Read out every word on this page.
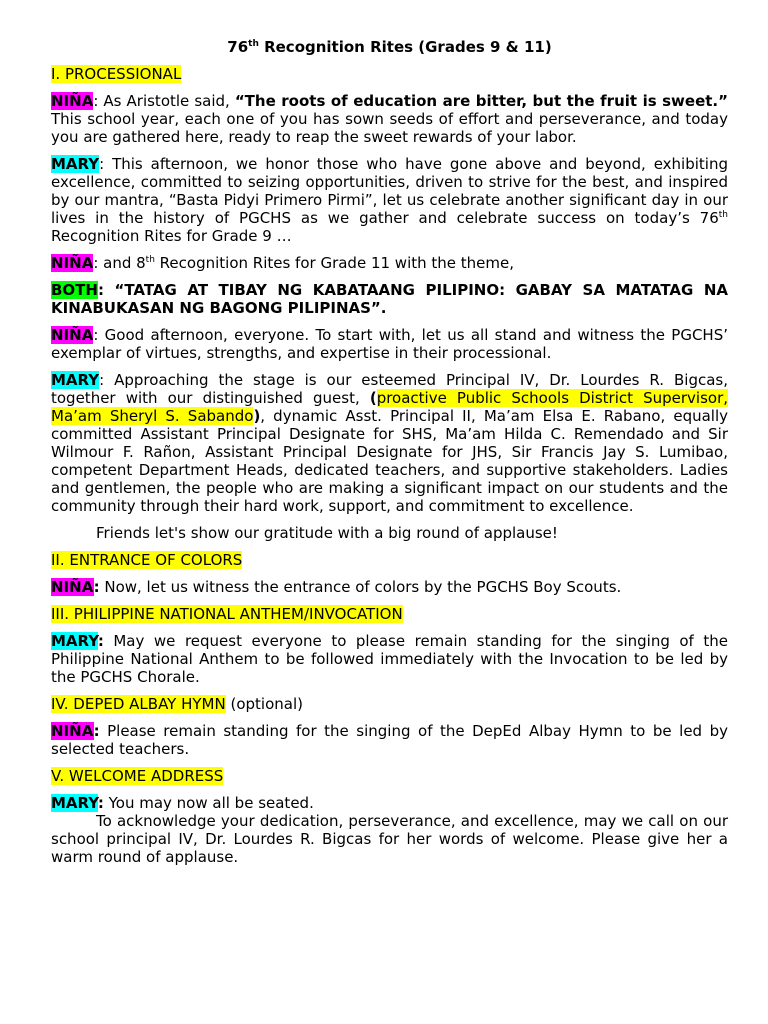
76th Recognition Rites (Grades 9 & 11)
I. PROCESSIONAL
NIÑA: As Aristotle said, “The roots of education are bitter, but the fruit is sweet.” This school year, each one of you has sown seeds of effort and perseverance, and today you are gathered here, ready to reap the sweet rewards of your labor.
MARY: This afternoon, we honor those who have gone above and beyond, exhibiting excellence, committed to seizing opportunities, driven to strive for the best, and inspired by our mantra, “Basta Pidyi Primero Pirmi”, let us celebrate another significant day in our lives in the history of PGCHS as we gather and celebrate success on today’s 76th Recognition Rites for Grade 9 …
NIÑA: and 8th Recognition Rites for Grade 11 with the theme,
BOTH: “TATAG AT TIBAY NG KABATAANG PILIPINO: GABAY SA MATATAG NA KINABUKASAN NG BAGONG PILIPINAS”.
NIÑA: Good afternoon, everyone. To start with, let us all stand and witness the PGCHS’ exemplar of virtues, strengths, and expertise in their processional.
MARY: Approaching the stage is our esteemed Principal IV, Dr. Lourdes R. Bigcas, together with our distinguished guest, (proactive Public Schools District Supervisor, Ma’am Sheryl S. Sabando), dynamic Asst. Principal II, Ma’am Elsa E. Rabano, equally committed Assistant Principal Designate for SHS, Ma’am Hilda C. Remendado and Sir Wilmour F. Rañon, Assistant Principal Designate for JHS, Sir Francis Jay S. Lumibao, competent Department Heads, dedicated teachers, and supportive stakeholders. Ladies and gentlemen, the people who are making a significant impact on our students and the community through their hard work, support, and commitment to excellence.
Friends let's show our gratitude with a big round of applause!
II. ENTRANCE OF COLORS
NIÑA: Now, let us witness the entrance of colors by the PGCHS Boy Scouts.
III. PHILIPPINE NATIONAL ANTHEM/INVOCATION
MARY: May we request everyone to please remain standing for the singing of the Philippine National Anthem to be followed immediately with the Invocation to be led by the PGCHS Chorale.
IV. DEPED ALBAY HYMN (optional)
NIÑA: Please remain standing for the singing of the DepEd Albay Hymn to be led by selected teachers.
V. WELCOME ADDRESS
MARY: You may now all be seated.
To acknowledge your dedication, perseverance, and excellence, may we call on our school principal IV, Dr. Lourdes R. Bigcas for her words of welcome. Please give her a warm round of applause.
